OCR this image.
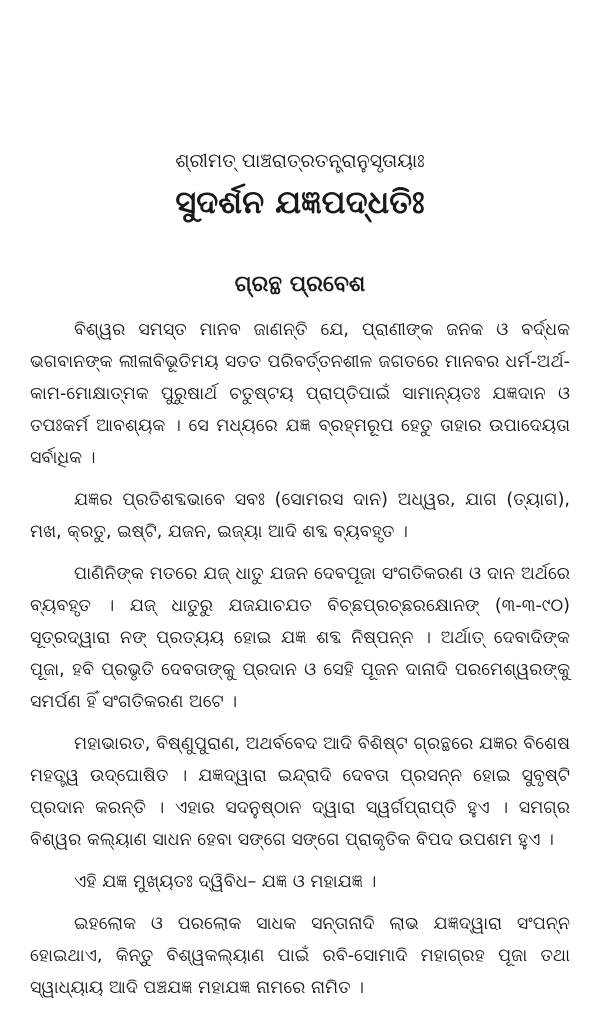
ଶ୍ରୀମତ୍ ପାଞ୍ଚରାତ୍ରତନ୍ତ୍ରାନୁସୃତାୟାଃ
ସୁଦର୍ଶନ ଯଜ୍ଞପଦ୍ଧତିଃ
ଗ୍ରନ୍ଥ ପ୍ରବେଶ

ବିଶ୍ୱର ସମସ୍ତ ମାନବ ଜାଣନ୍ତି ଯେ, ପ୍ରାଣୀଙ୍କ ଜନକ ଓ ବର୍ଦ୍ଧକ ଭଗବାନଙ୍କ ଲୀଳାବିଭୂତିମୟ ସତତ ପରିବର୍ତ୍ତନଶୀଳ ଜଗତରେ ମାନବର ଧର୍ମ-ଅର୍ଥ-କାମ-ମୋକ୍ଷାତ୍ମକ ପୁରୁଷାର୍ଥ ଚତୁଷ୍ଟୟ ପ୍ରାପ୍ତିପାଇଁ ସାମାନ୍ୟତଃ ଯଜ୍ଞଦାନ ଓ ତପଃକର୍ମ ଆବଶ୍ୟକ । ସେ ମଧ୍ୟରେ ଯଜ୍ଞ ବ୍ରହ୍ମରୂପ ହେତୁ ତାହାର ଉପାଦେୟତା ସର୍ବାଧିକ ।

ଯଜ୍ଞର ପ୍ରତିଶବ୍ଦଭାବେ ସବଃ (ସୋମରସ ଦାନ) ଅଧ୍ୱର, ଯାଗ (ତ୍ୟାଗ), ମଖ, କ୍ରତୁ, ଇଷ୍ଟି, ଯଜନ, ଇଜ୍ୟା ଆଦି ଶବ୍ଦ ବ୍ୟବହୃତ ।

ପାଣିନିଙ୍କ ମତରେ ଯଜ୍ ଧାତୁ ଯଜନ ଦେବପୂଜା ସଂଗତିକରଣ ଓ ଦାନ ଅର୍ଥରେ ବ୍ୟବହୃତ । ଯଜ୍ ଧାତୁରୁ ଯଜଯାଚଯତ ବିଚ୍ଛପ୍ରଚ୍ଛରକ୍ଷୋନଙ୍ (୩-୩-୯୦) ସୂତ୍ରଦ୍ୱାରା ନଙ୍ ପ୍ରତ୍ୟୟ ହୋଇ ଯଜ୍ଞ ଶବ୍ଦ ନିଷ୍ପନ୍ନ । ଅର୍ଥାତ୍ ଦେବାଦିଙ୍କ ପୂଜା, ହବି ପ୍ରଭୃତି ଦେବତାଙ୍କୁ ପ୍ରଦାନ ଓ ସେହି ପୂଜନ ଦାନାଦି ପରମେଶ୍ୱରଙ୍କୁ ସମର୍ପଣ ହିଁ ସଂଗତିକରଣ ଅଟେ ।

ମହାଭାରତ, ବିଷ୍ଣୁପୁରାଣ, ଅଥର୍ବବେଦ ଆଦି ବିଶିଷ୍ଟ ଗ୍ରନ୍ଥରେ ଯଜ୍ଞର ବିଶେଷ ମହତ୍ତ୍ୱ ଉଦ୍‌ଘୋଷିତ । ଯଜ୍ଞଦ୍ୱାରା ଇନ୍ଦ୍ରାଦି ଦେବତା ପ୍ରସନ୍ନ ହୋଇ ସୁବୃଷ୍ଟି ପ୍ରଦାନ କରନ୍ତି । ଏହାର ସଦନୁଷ୍ଠାନ ଦ୍ୱାରା ସ୍ୱର୍ଗପ୍ରାପ୍ତି ହୁଏ । ସମଗ୍ର ବିଶ୍ୱର କଲ୍ୟାଣ ସାଧନ ହେବା ସଙ୍ଗେ ସଙ୍ଗେ ପ୍ରାକୃତିକ ବିପଦ ଉପଶମ ହୁଏ ।

ଏହି ଯଜ୍ଞ ମୁଖ୍ୟତଃ ଦ୍ୱିବିଧ– ଯଜ୍ଞ ଓ ମହାଯଜ୍ଞ ।

ଇହଲୋକ ଓ ପରଲୋକ ସାଧକ ସନ୍ତାନାଦି ଲାଭ ଯଜ୍ଞଦ୍ୱାରା ସଂପନ୍ନ ହୋଇଥାଏ, କିନ୍ତୁ ବିଶ୍ୱକଲ୍ୟାଣ ପାଇଁ ରବି-ସୋମାଦି ମହାଗ୍ରହ ପୂଜା ତଥା ସ୍ୱାଧ୍ୟାୟ ଆଦି ପଞ୍ଚଯଜ୍ଞ ମହାଯଜ୍ଞ ନାମରେ ନାମିତ ।
